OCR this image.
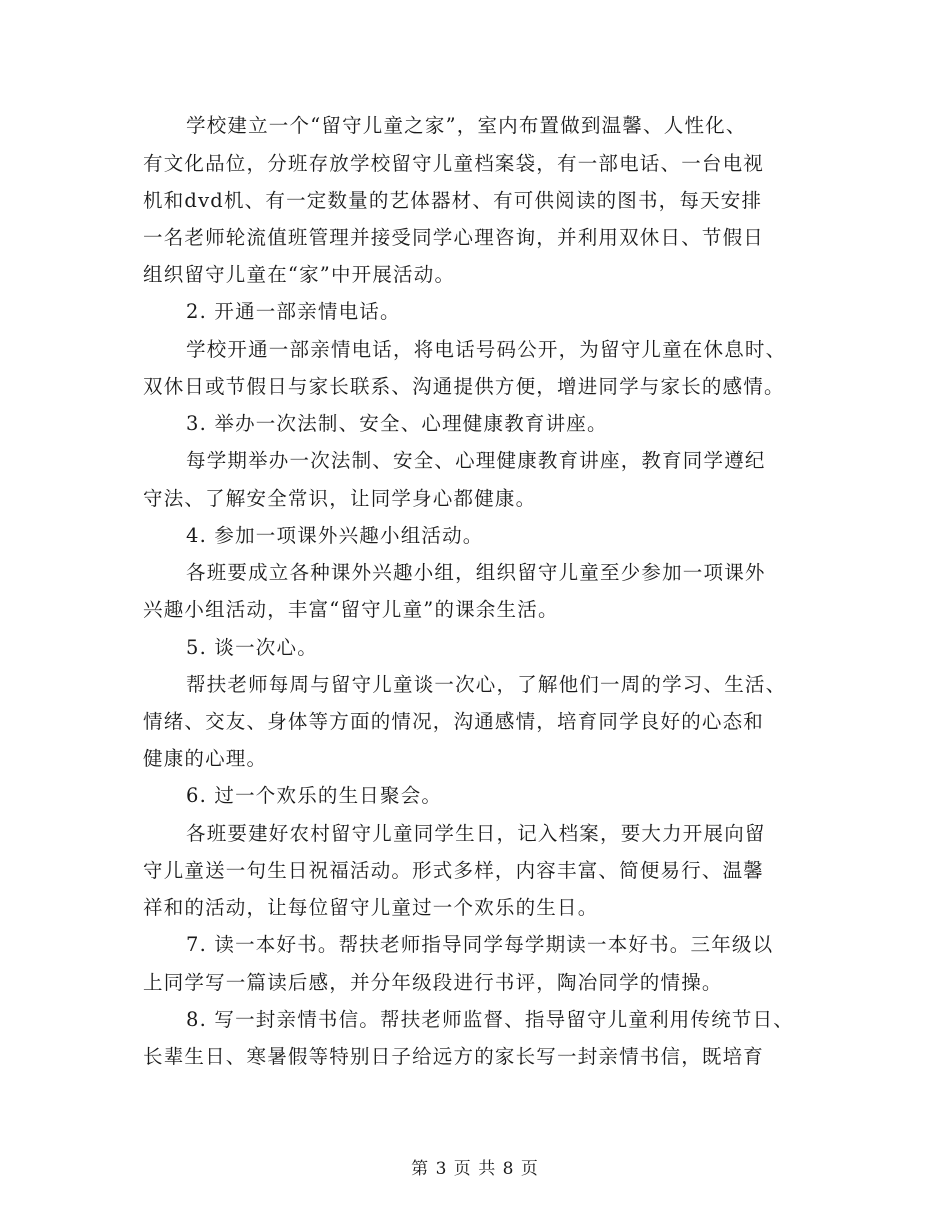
学校建立一个“留守儿童之家”，室内布置做到温馨、人性化、
有文化品位，分班存放学校留守儿童档案袋，有一部电话、一台电视
机和dvd机、有一定数量的艺体器材、有可供阅读的图书，每天安排
一名老师轮流值班管理并接受同学心理咨询，并利用双休日、节假日
组织留守儿童在“家”中开展活动。
2. 开通一部亲情电话。
学校开通一部亲情电话，将电话号码公开，为留守儿童在休息时、
双休日或节假日与家长联系、沟通提供方便，增进同学与家长的感情。
3. 举办一次法制、安全、心理健康教育讲座。
每学期举办一次法制、安全、心理健康教育讲座，教育同学遵纪
守法、了解安全常识，让同学身心都健康。
4. 参加一项课外兴趣小组活动。
各班要成立各种课外兴趣小组，组织留守儿童至少参加一项课外
兴趣小组活动，丰富“留守儿童”的课余生活。
5. 谈一次心。
帮扶老师每周与留守儿童谈一次心，了解他们一周的学习、生活、
情绪、交友、身体等方面的情况，沟通感情，培育同学良好的心态和
健康的心理。
6. 过一个欢乐的生日聚会。
各班要建好农村留守儿童同学生日，记入档案，要大力开展向留
守儿童送一句生日祝福活动。形式多样，内容丰富、简便易行、温馨
祥和的活动，让每位留守儿童过一个欢乐的生日。
7. 读一本好书。帮扶老师指导同学每学期读一本好书。三年级以
上同学写一篇读后感，并分年级段进行书评，陶冶同学的情操。
8. 写一封亲情书信。帮扶老师监督、指导留守儿童利用传统节日、
长辈生日、寒暑假等特别日子给远方的家长写一封亲情书信，既培育
第 3 页 共 8 页
